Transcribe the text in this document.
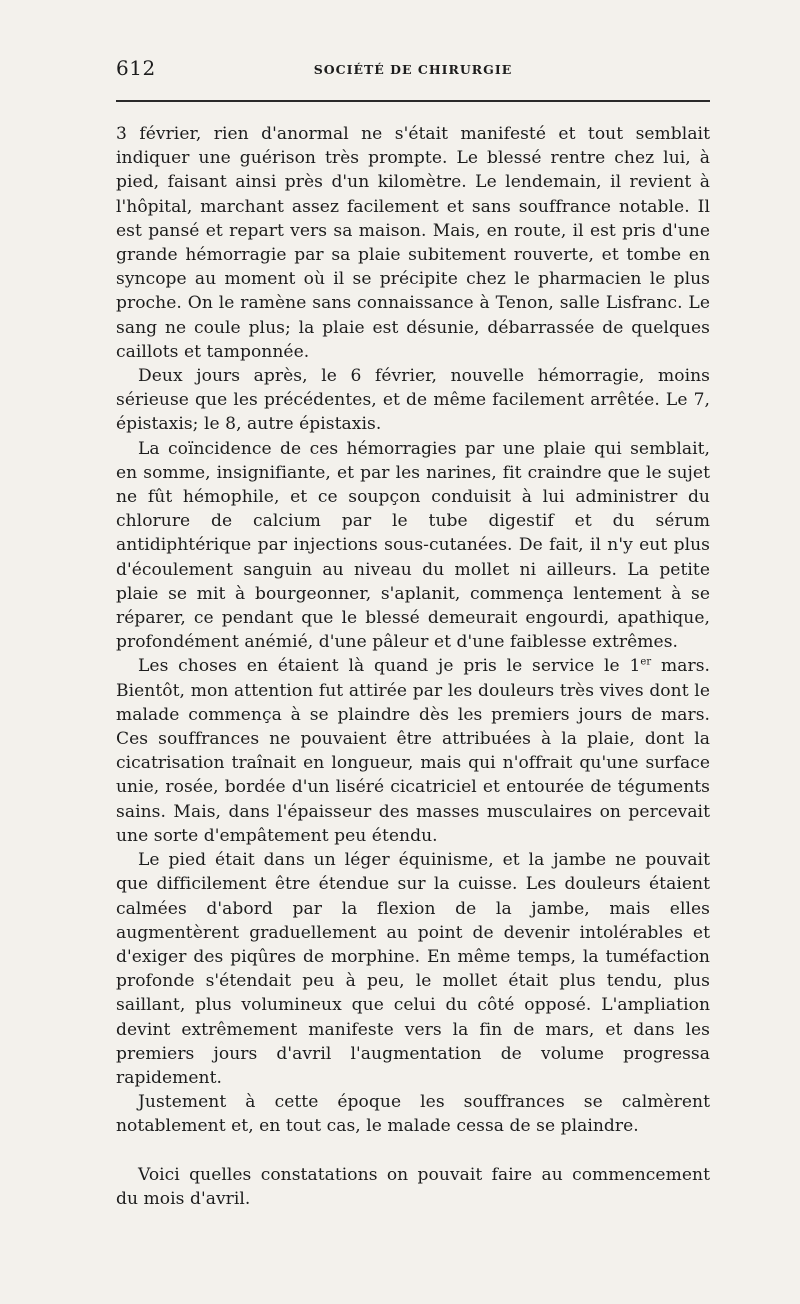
612	SOCIÉTÉ DE CHIRURGIE

3 février, rien d'anormal ne s'était manifesté et tout semblait indiquer une guérison très prompte. Le blessé rentre chez lui, à pied, faisant ainsi près d'un kilomètre. Le lendemain, il revient à l'hôpital, marchant assez facilement et sans souffrance notable. Il est pansé et repart vers sa maison. Mais, en route, il est pris d'une grande hémorragie par sa plaie subitement rouverte, et tombe en syncope au moment où il se précipite chez le pharmacien le plus proche. On le ramène sans connaissance à Tenon, salle Lisfranc. Le sang ne coule plus; la plaie est désunie, débarrassée de quelques caillots et tamponnée.

Deux jours après, le 6 février, nouvelle hémorragie, moins sérieuse que les précédentes, et de même facilement arrêtée. Le 7, épistaxis; le 8, autre épistaxis.

La coïncidence de ces hémorragies par une plaie qui semblait, en somme, insignifiante, et par les narines, fit craindre que le sujet ne fût hémophile, et ce soupçon conduisit à lui administrer du chlorure de calcium par le tube digestif et du sérum antidiphtérique par injections sous-cutanées. De fait, il n'y eut plus d'écoulement sanguin au niveau du mollet ni ailleurs. La petite plaie se mit à bourgeonner, s'aplanit, commença lentement à se réparer, ce pendant que le blessé demeurait engourdi, apathique, profondément anémié, d'une pâleur et d'une faiblesse extrêmes.

Les choses en étaient là quand je pris le service le 1er mars. Bientôt, mon attention fut attirée par les douleurs très vives dont le malade commença à se plaindre dès les premiers jours de mars. Ces souffrances ne pouvaient être attribuées à la plaie, dont la cicatrisation traînait en longueur, mais qui n'offrait qu'une surface unie, rosée, bordée d'un liséré cicatriciel et entourée de téguments sains. Mais, dans l'épaisseur des masses musculaires on percevait une sorte d'empâtement peu étendu.

Le pied était dans un léger équinisme, et la jambe ne pouvait que difficilement être étendue sur la cuisse. Les douleurs étaient calmées d'abord par la flexion de la jambe, mais elles augmentèrent graduellement au point de devenir intolérables et d'exiger des piqûres de morphine. En même temps, la tuméfaction profonde s'étendait peu à peu, le mollet était plus tendu, plus saillant, plus volumineux que celui du côté opposé. L'ampliation devint extrêmement manifeste vers la fin de mars, et dans les premiers jours d'avril l'augmentation de volume progressa rapidement.

Justement à cette époque les souffrances se calmèrent notablement et, en tout cas, le malade cessa de se plaindre.

Voici quelles constatations on pouvait faire au commencement du mois d'avril.
